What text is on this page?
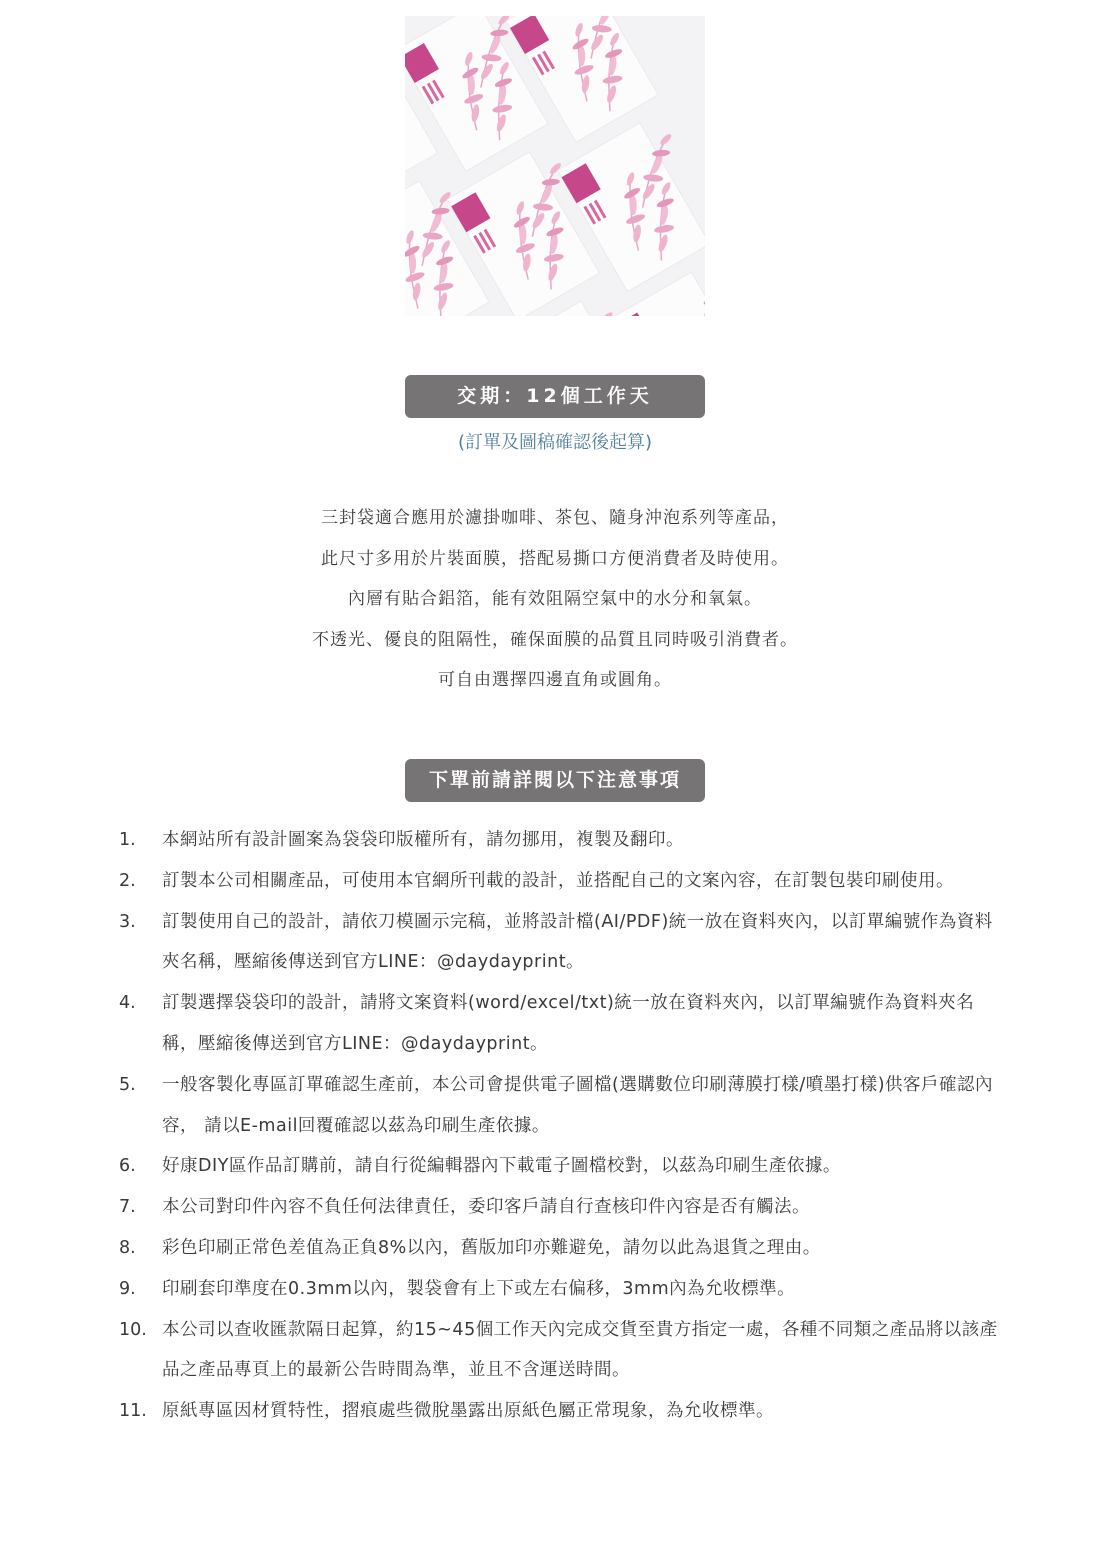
交期：12個工作天
(訂單及圖稿確認後起算)
三封袋適合應用於濾掛咖啡、茶包、隨身沖泡系列等產品，
此尺寸多用於片裝面膜，搭配易撕口方便消費者及時使用。
內層有貼合鋁箔，能有效阻隔空氣中的水分和氧氣。
不透光、優良的阻隔性，確保面膜的品質且同時吸引消費者。
可自由選擇四邊直角或圓角。
下單前請詳閱以下注意事項
1.	本網站所有設計圖案為袋袋印版權所有，請勿挪用，複製及翻印。
2.	訂製本公司相關產品，可使用本官網所刊載的設計，並搭配自己的文案內容，在訂製包裝印刷使用。
3.	訂製使用自己的設計，請依刀模圖示完稿，並將設計檔(AI/PDF)統一放在資料夾內，以訂單編號作為資料夾名稱，壓縮後傳送到官方LINE：@daydayprint。
4.	訂製選擇袋袋印的設計，請將文案資料(word/excel/txt)統一放在資料夾內，以訂單編號作為資料夾名稱，壓縮後傳送到官方LINE：@daydayprint。
5.	一般客製化專區訂單確認生產前，本公司會提供電子圖檔(選購數位印刷薄膜打樣/噴墨打樣)供客戶確認內容， 請以E-mail回覆確認以茲為印刷生產依據。
6.	好康DIY區作品訂購前，請自行從編輯器內下載電子圖檔校對，以茲為印刷生產依據。
7.	本公司對印件內容不負任何法律責任，委印客戶請自行查核印件內容是否有觸法。
8.	彩色印刷正常色差值為正負8%以內，舊版加印亦難避免，請勿以此為退貨之理由。
9.	印刷套印準度在0.3mm以內，製袋會有上下或左右偏移，3mm內為允收標準。
10. 本公司以查收匯款隔日起算，約15~45個工作天內完成交貨至貴方指定一處，各種不同類之產品將以該產品之產品專頁上的最新公告時間為準，並且不含運送時間。
11. 原紙專區因材質特性，摺痕處些微脫墨露出原紙色屬正常現象，為允收標準。
